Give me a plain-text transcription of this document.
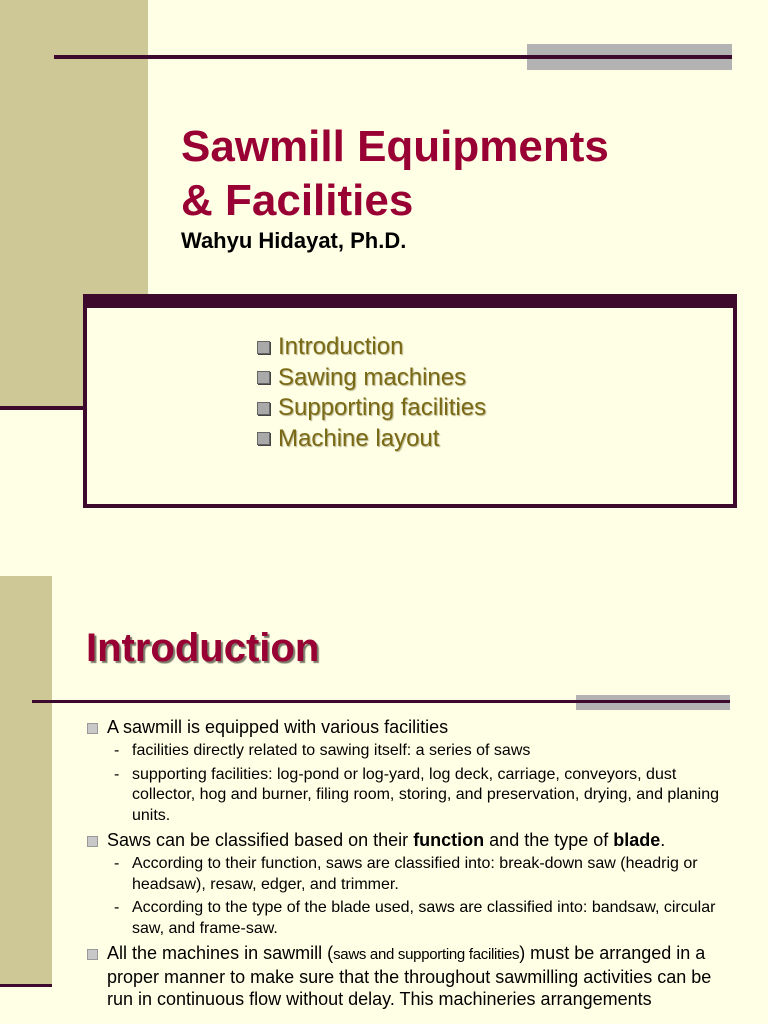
Sawmill Equipments
& Facilities

Wahyu Hidayat, Ph.D.

Introduction
Sawing machines
Supporting facilities
Machine layout
Introduction
A sawmill is equipped with various facilities
- facilities directly related to sawing itself: a series of saws
- supporting facilities: log-pond or log-yard, log deck, carriage, conveyors, dust collector, hog and burner, filing room, storing, and preservation, drying, and planing units.
Saws can be classified based on their function and the type of blade.
- According to their function, saws are classified into: break-down saw (headrig or headsaw), resaw, edger, and trimmer.
- According to the type of the blade used, saws are classified into: bandsaw, circular saw, and frame-saw.
All the machines in sawmill (saws and supporting facilities) must be arranged in a proper manner to make sure that the throughout sawmilling activities can be run in continuous flow without delay. This machineries arrangements
